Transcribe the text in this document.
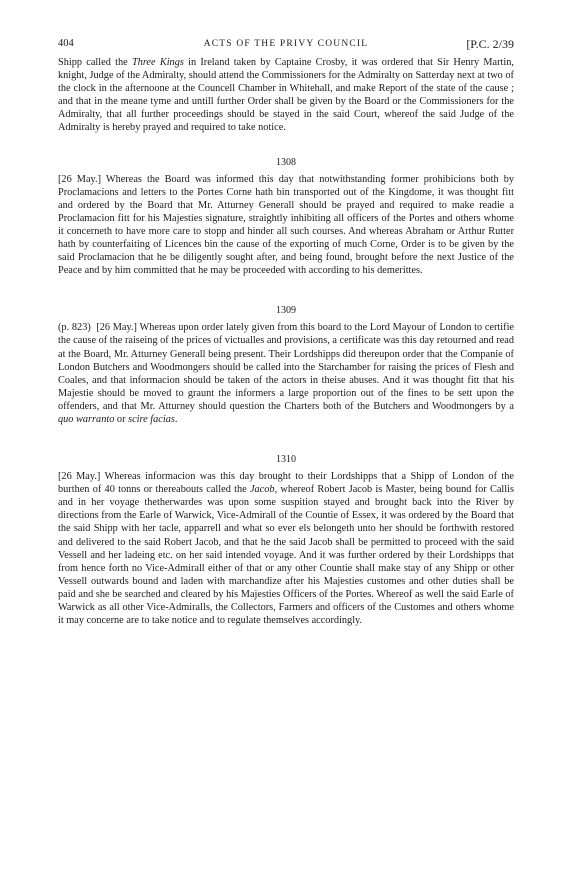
404	ACTS OF THE PRIVY COUNCIL	[P.C. 2/39

Shipp called the Three Kings in Ireland taken by Captaine Crosby, it was ordered that Sir Henry Martin, knight, Judge of the Admiralty, should attend the Commissioners for the Admiralty on Satterday next at two of the clock in the afternoone at the Councell Chamber in Whitehall, and make Report of the state of the cause ; and that in the meane tyme and untill further Order shall be given by the Board or the Commissioners for the Admiralty, that all further proceedings should be stayed in the said Court, whereof the said Judge of the Admiralty is hereby prayed and required to take notice.

1308

[26 May.] Whereas the Board was informed this day that notwithstanding former prohibicions both by Proclamacions and letters to the Portes Corne hath bin transported out of the Kingdome, it was thought fitt and ordered by the Board that Mr. Atturney Generall should be prayed and required to make readie a Proclamacion fitt for his Majesties signature, straightly inhibiting all officers of the Portes and others whome it concerneth to have more care to stopp and hinder all such courses. And whereas Abraham or Arthur Rutter hath by counterfaiting of Licences bin the cause of the exporting of much Corne, Order is to be given by the said Proclamacion that he be diligently sought after, and being found, brought before the next Justice of the Peace and by him committed that he may be proceeded with according to his demerittes.

1309

(p. 823) [26 May.] Whereas upon order lately given from this board to the Lord Mayour of London to certifie the cause of the raiseing of the prices of victualles and provisions, a certificate was this day retourned and read at the Board, Mr. Atturney Generall being present. Their Lordshipps did thereupon order that the Companie of London Butchers and Woodmongers should be called into the Starchamber for raising the prices of Flesh and Coales, and that informacion should be taken of the actors in theise abuses. And it was thought fitt that his Majestie should be moved to graunt the informers a large proportion out of the fines to be sett upon the offenders, and that Mr. Atturney should question the Charters both of the Butchers and Woodmongers by a quo warranto or scire facias.

1310

[26 May.] Whereas informacion was this day brought to their Lordshipps that a Shipp of London of the burthen of 40 tonns or thereabouts called the Jacob, whereof Robert Jacob is Master, being bound for Callis and in her voyage thetherwardes was upon some suspition stayed and brought back into the River by directions from the Earle of Warwick, Vice-Admirall of the Countie of Essex, it was ordered by the Board that the said Shipp with her tacle, apparrell and what so ever els belongeth unto her should be forthwith restored and delivered to the said Robert Jacob, and that he the said Jacob shall be permitted to proceed with the said Vessell and her ladeing etc. on her said intended voyage. And it was further ordered by their Lordshipps that from hence forth no Vice-Admirall either of that or any other Countie shall make stay of any Shipp or other Vessell outwards bound and laden with marchandize after his Majesties customes and other duties shall be paid and she be searched and cleared by his Majesties Officers of the Portes. Whereof as well the said Earle of Warwick as all other Vice-Admiralls, the Collectors, Farmers and officers of the Customes and others whome it may concerne are to take notice and to regulate themselves accordingly.
